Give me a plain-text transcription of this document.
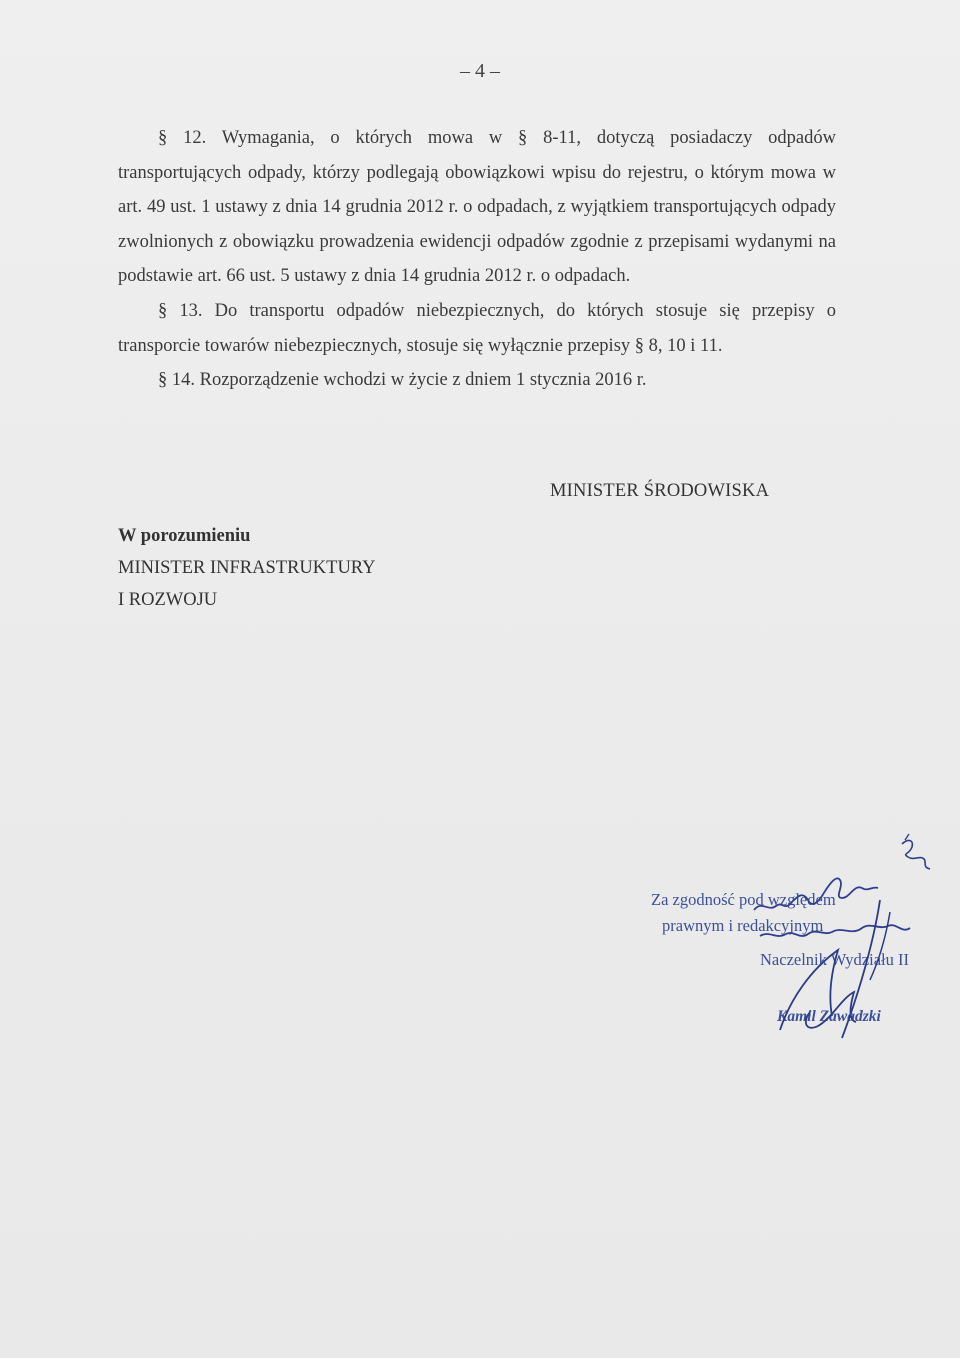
– 4 –

§ 12. Wymagania, o których mowa w § 8-11, dotyczą posiadaczy odpadów transportujących odpady, którzy podlegają obowiązkowi wpisu do rejestru, o którym mowa w art. 49 ust. 1 ustawy z dnia 14 grudnia 2012 r. o odpadach, z wyjątkiem transportujących odpady zwolnionych z obowiązku prowadzenia ewidencji odpadów zgodnie z przepisami wydanymi na podstawie art. 66 ust. 5 ustawy z dnia 14 grudnia 2012 r. o odpadach.

§ 13. Do transportu odpadów niebezpiecznych, do których stosuje się przepisy o transporcie towarów niebezpiecznych, stosuje się wyłącznie przepisy § 8, 10 i 11.

§ 14. Rozporządzenie wchodzi w życie z dniem 1 stycznia 2016 r.

MINISTER ŚRODOWISKA
W porozumieniu
MINISTER INFRASTRUKTURY
I ROZWOJU
Za zgodność pod względem
prawnym i redakcyjnym
Naczelnik Wydziału II
Kamil Zawadzki
